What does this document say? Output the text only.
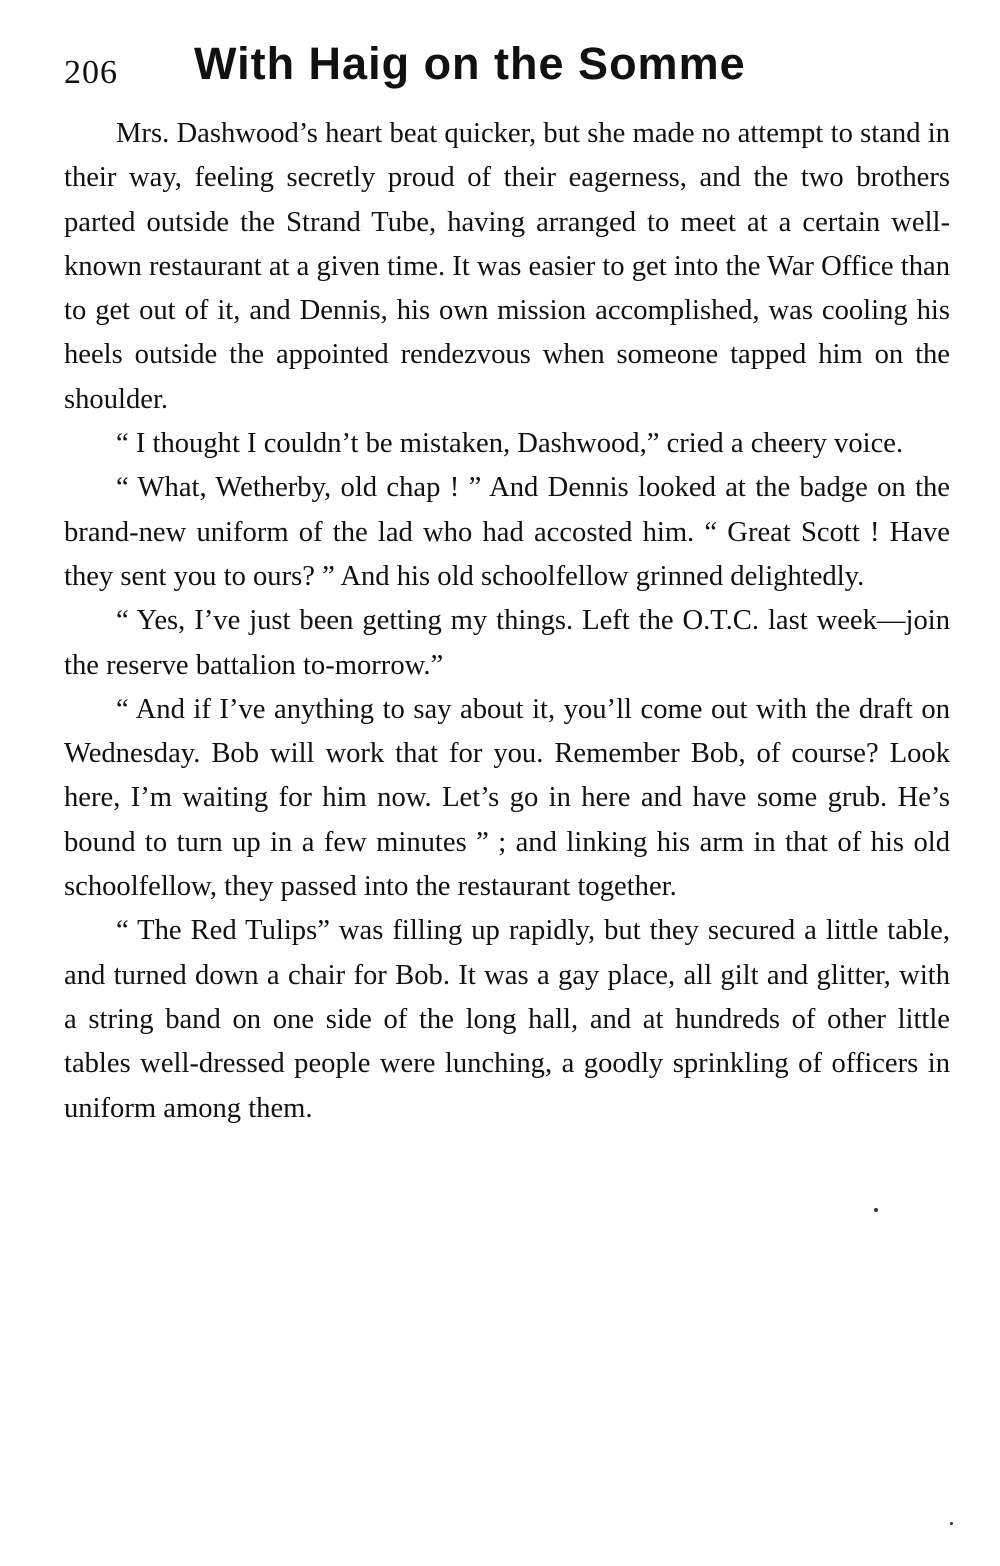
206 With Haig on the Somme

Mrs. Dashwood’s heart beat quicker, but she made no attempt to stand in their way, feeling secretly proud of their eagerness, and the two brothers parted outside the Strand Tube, having arranged to meet at a certain well-known restaurant at a given time. It was easier to get into the War Office than to get out of it, and Dennis, his own mission accomplished, was cooling his heels outside the appointed rendezvous when someone tapped him on the shoulder.

“ I thought I couldn’t be mistaken, Dashwood,” cried a cheery voice.

“ What, Wetherby, old chap ! ” And Dennis looked at the badge on the brand-new uniform of the lad who had accosted him. “ Great Scott ! Have they sent you to ours? ” And his old schoolfellow grinned delightedly.

“ Yes, I’ve just been getting my things. Left the O.T.C. last week—join the reserve battalion to-morrow.”

“ And if I’ve anything to say about it, you’ll come out with the draft on Wednesday. Bob will work that for you. Remember Bob, of course? Look here, I’m waiting for him now. Let’s go in here and have some grub. He’s bound to turn up in a few minutes ” ; and linking his arm in that of his old schoolfellow, they passed into the restaurant together.

“ The Red Tulips” was filling up rapidly, but they secured a little table, and turned down a chair for Bob. It was a gay place, all gilt and glitter, with a string band on one side of the long hall, and at hundreds of other little tables well-dressed people were lunching, a goodly sprinkling of officers in uniform among them.
